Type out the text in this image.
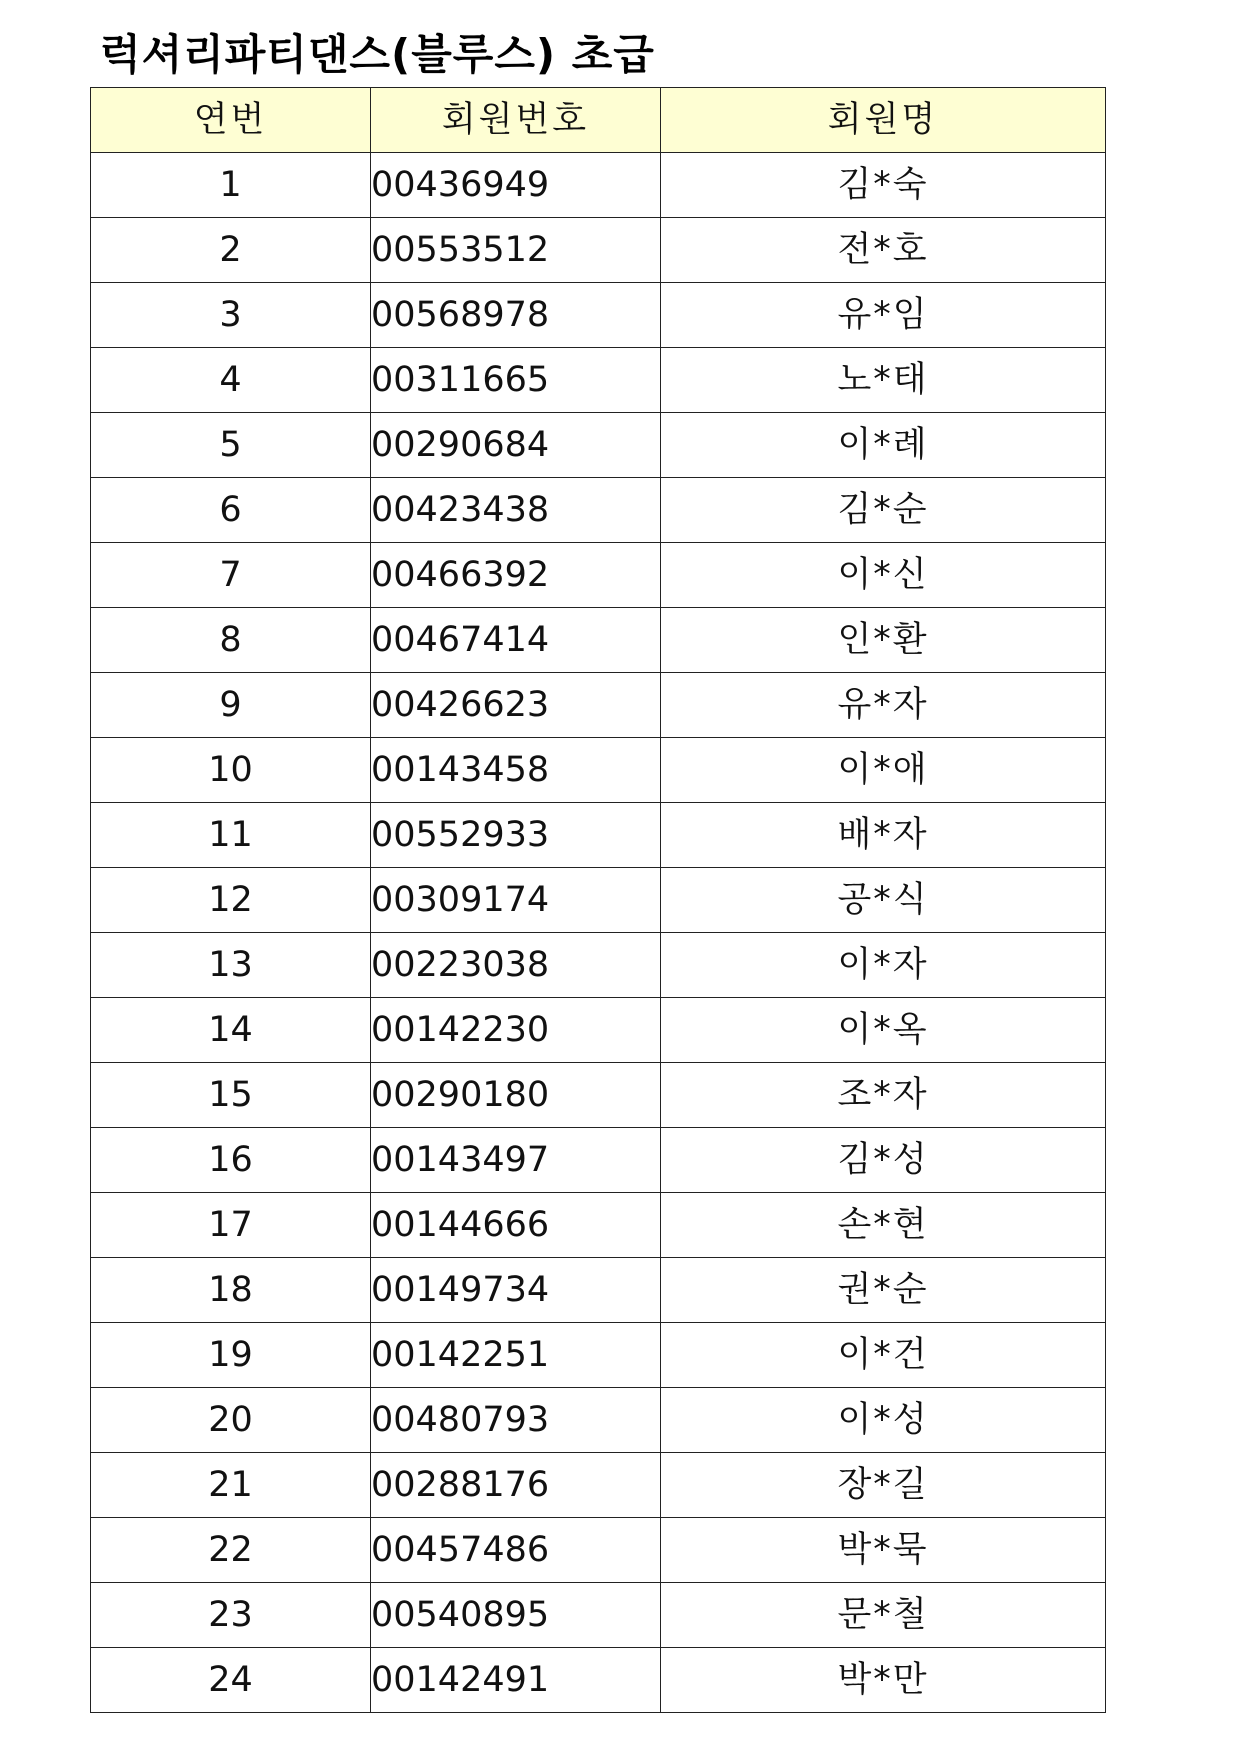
럭셔리파티댄스(블루스) 초급
연번	회원번호	회원명
1	00436949	김*숙
2	00553512	전*호
3	00568978	유*임
4	00311665	노*태
5	00290684	이*례
6	00423438	김*순
7	00466392	이*신
8	00467414	인*환
9	00426623	유*자
10	00143458	이*애
11	00552933	배*자
12	00309174	공*식
13	00223038	이*자
14	00142230	이*옥
15	00290180	조*자
16	00143497	김*성
17	00144666	손*현
18	00149734	권*순
19	00142251	이*건
20	00480793	이*성
21	00288176	장*길
22	00457486	박*묵
23	00540895	문*철
24	00142491	박*만
